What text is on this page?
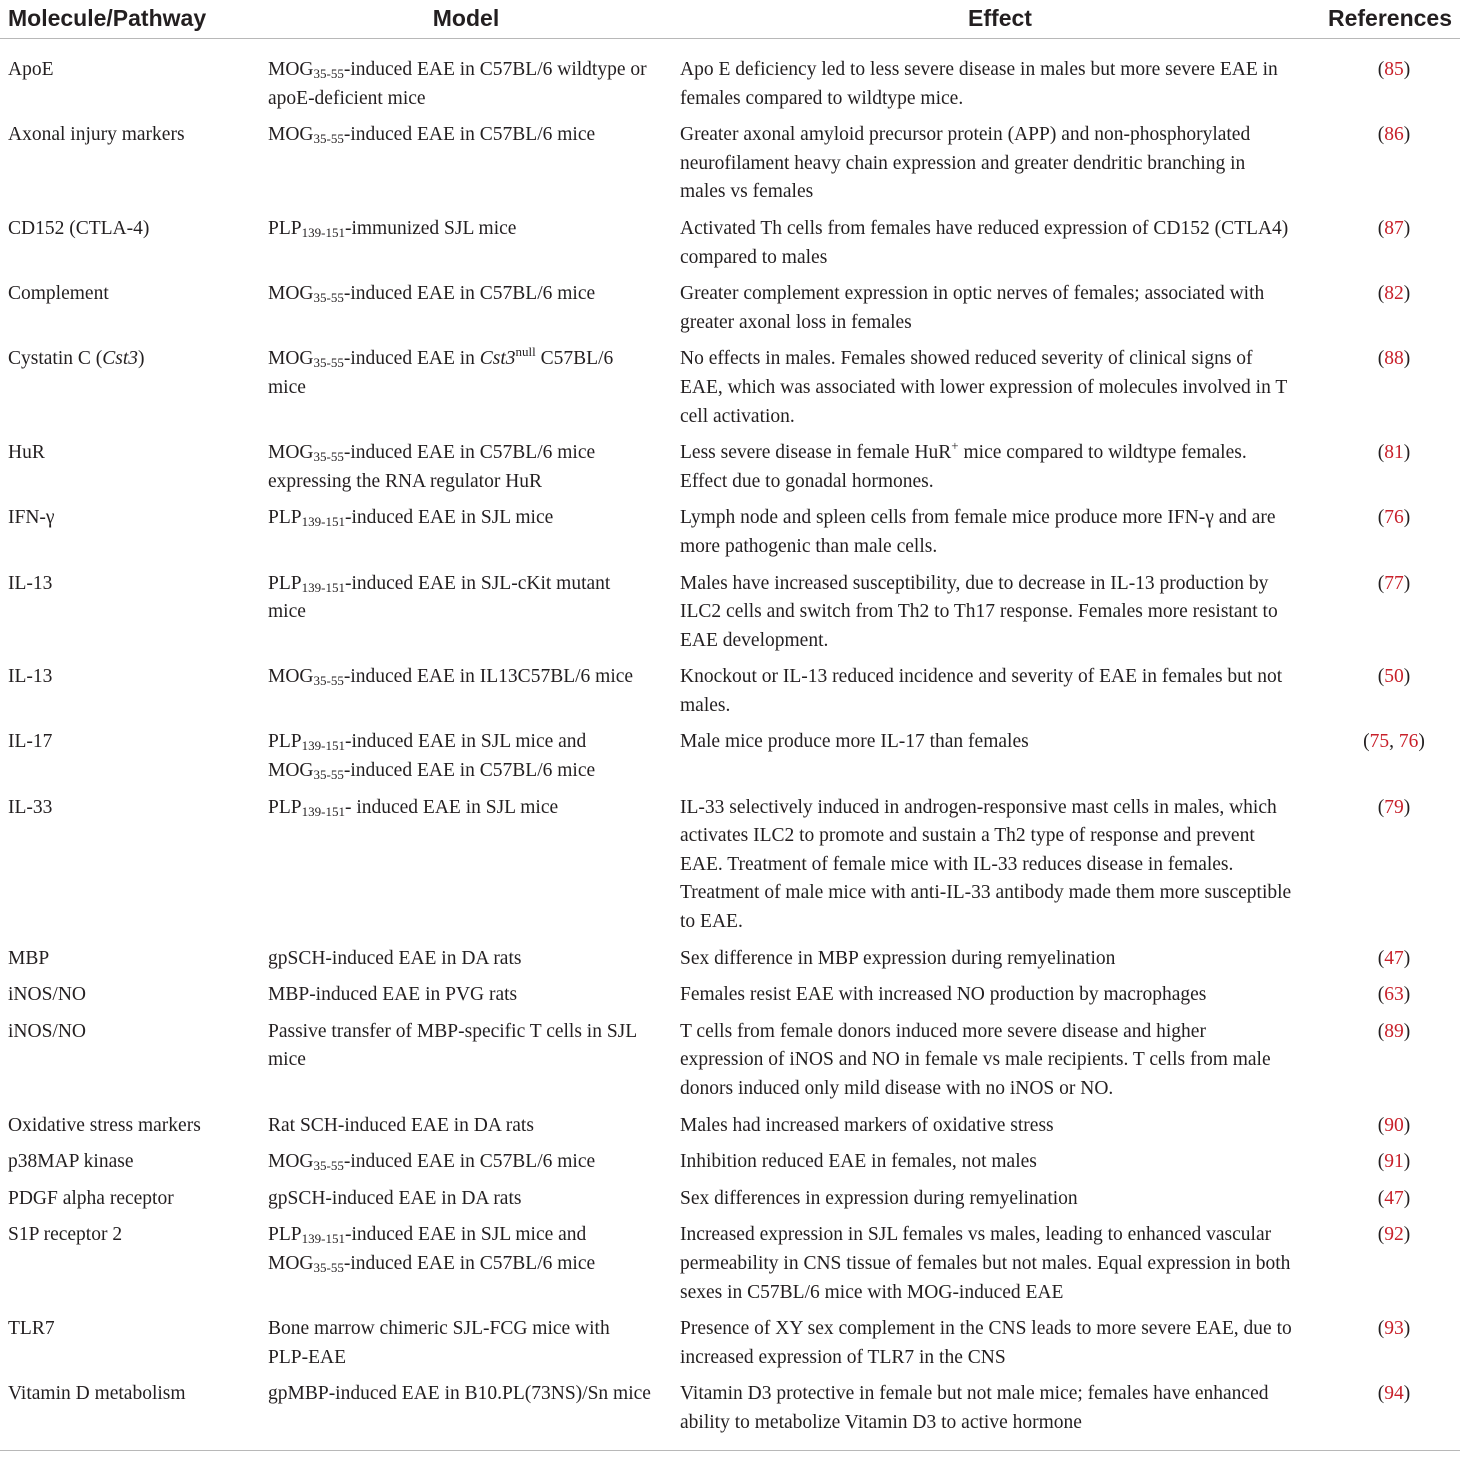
Molecule/Pathway	Model	Effect	References
ApoE	$MOG_{35-55}$-induced EAE in C57BL/6 wildtype or apoE-deficient mice	Apo E deficiency led to less severe disease in males but more severe EAE in females compared to wildtype mice.	(85)
Axonal injury markers	$MOG_{35-55}$-induced EAE in C57BL/6 mice	Greater axonal amyloid precursor protein (APP) and non-phosphorylated neurofilament heavy chain expression and greater dendritic branching in males vs females	(86)
CD152 (CTLA-4)	$PLP_{139-151}$-immunized SJL mice	Activated Th cells from females have reduced expression of CD152 (CTLA4) compared to males	(87)
Complement	$MOG_{35-55}$-induced EAE in C57BL/6 mice	Greater complement expression in optic nerves of females; associated with greater axonal loss in females	(82)
Cystatin C (Cst3)	$MOG_{35-55}$-induced EAE in $Cst3^{null}$ C57BL/6 mice	No effects in males. Females showed reduced severity of clinical signs of EAE, which was associated with lower expression of molecules involved in T cell activation.	(88)
HuR	$MOG_{35-55}$-induced EAE in C57BL/6 mice expressing the RNA regulator HuR	Less severe disease in female HuR+ mice compared to wildtype females. Effect due to gonadal hormones.	(81)
IFN-γ	$PLP_{139-151}$-induced EAE in SJL mice	Lymph node and spleen cells from female mice produce more IFN-γ and are more pathogenic than male cells.	(76)
IL-13	$PLP_{139-151}$-induced EAE in SJL-cKit mutant mice	Males have increased susceptibility, due to decrease in IL-13 production by ILC2 cells and switch from Th2 to Th17 response. Females more resistant to EAE development.	(77)
IL-13	$MOG_{35-55}$-induced EAE in IL13C57BL/6 mice	Knockout or IL-13 reduced incidence and severity of EAE in females but not males.	(50)
IL-17	$PLP_{139-151}$-induced EAE in SJL mice and $MOG_{35-55}$-induced EAE in C57BL/6 mice	Male mice produce more IL-17 than females	(75, 76)
IL-33	$PLP_{139-151}-$ induced EAE in SJL mice	IL-33 selectively induced in androgen-responsive mast cells in males, which activates ILC2 to promote and sustain a Th2 type of response and prevent EAE. Treatment of female mice with IL-33 reduces disease in females. Treatment of male mice with anti-IL-33 antibody made them more susceptible to EAE.	(79)
MBP	gpSCH-induced EAE in DA rats	Sex difference in MBP expression during remyelination	(47)
iNOS/NO	MBP-induced EAE in PVG rats	Females resist EAE with increased NO production by macrophages	(63)
iNOS/NO	Passive transfer of MBP-specific T cells in SJL mice	T cells from female donors induced more severe disease and higher expression of iNOS and NO in female vs male recipients. T cells from male donors induced only mild disease with no iNOS or NO.	(89)
Oxidative stress markers	Rat SCH-induced EAE in DA rats	Males had increased markers of oxidative stress	(90)
p38MAP kinase	$MOG_{35-55}$-induced EAE in C57BL/6 mice	Inhibition reduced EAE in females, not males	(91)
PDGF alpha receptor	gpSCH-induced EAE in DA rats	Sex differences in expression during remyelination	(47)
S1P receptor 2	$PLP_{139-151}$-induced EAE in SJL mice and $MOG_{35-55}$-induced EAE in C57BL/6 mice	Increased expression in SJL females vs males, leading to enhanced vascular permeability in CNS tissue of females but not males. Equal expression in both sexes in C57BL/6 mice with MOG-induced EAE	(92)
TLR7	Bone marrow chimeric SJL-FCG mice with PLP-EAE	Presence of XY sex complement in the CNS leads to more severe EAE, due to increased expression of TLR7 in the CNS	(93)
Vitamin D metabolism	gpMBP-induced EAE in B10.PL(73NS)/Sn mice	Vitamin D3 protective in female but not male mice; females have enhanced ability to metabolize Vitamin D3 to active hormone	(94)
